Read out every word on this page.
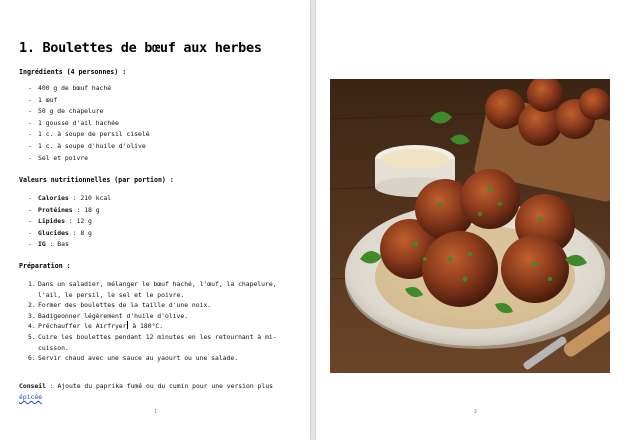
1. Boulettes de bœuf aux herbes
Ingrédients (4 personnes) :
- 400 g de bœuf haché
- 1 œuf
- 50 g de chapelure
- 1 gousse d'ail hachée
- 1 c. à soupe de persil ciselé
- 1 c. à soupe d'huile d'olive
- Sel et poivre
Valeurs nutritionnelles (par portion) :
- Calories : 210 kcal
- Protéines : 18 g
- Lipides : 12 g
- Glucides : 8 g
- IG : Bas
Préparation :
1. Dans un saladier, mélanger le bœuf haché, l'œuf, la chapelure, l'ail, le persil, le sel et le poivre.
2. Former des boulettes de la taille d'une noix.
3. Badigeonner légèrement d'huile d'olive.
4. Préchauffer le Airfryer à 180°C.
5. Cuire les boulettes pendant 12 minutes en les retournant à mi-cuisson.
6. Servir chaud avec une sauce au yaourt ou une salade.
Conseil : Ajoute du paprika fumé ou du cumin pour une version plus épicée
1	2
